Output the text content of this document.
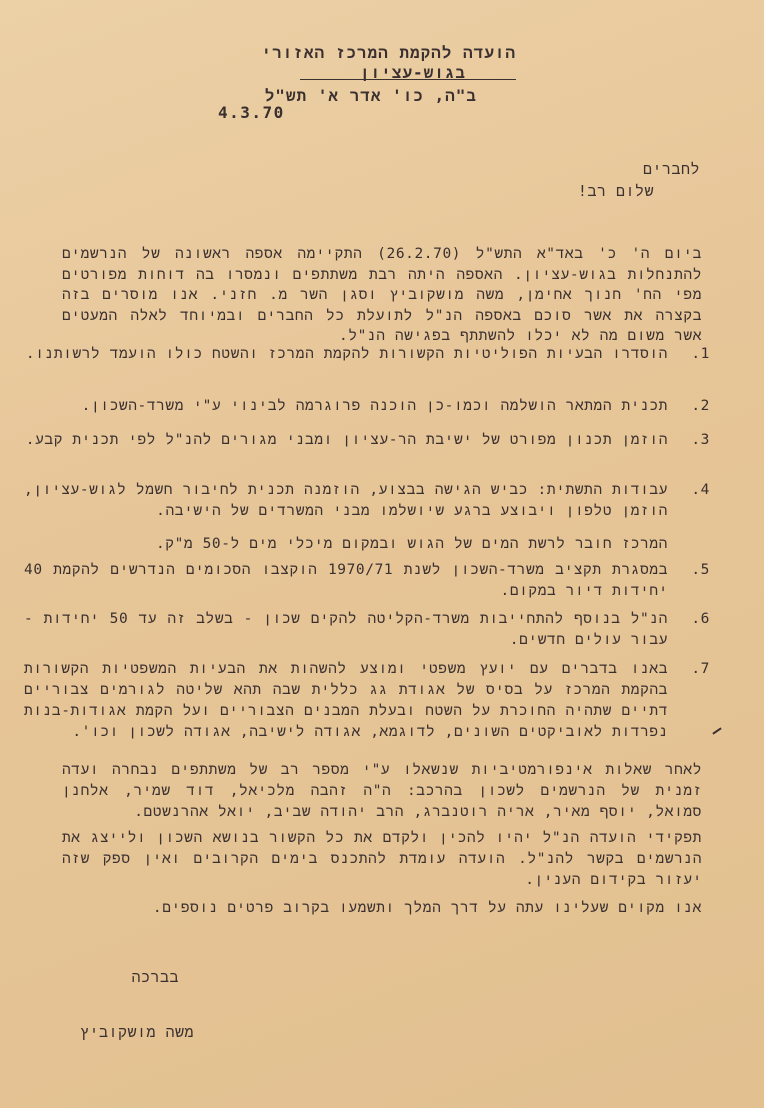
הועדה להקמת המרכז האזורי
בגוש-עציון
ב"ה, כו' אדר א' תש"ל
4.3.70
לחברים
שלום רב!
ביום ה' כ' באד"א התש"ל (26.2.70) התקיימה אספה ראשונה של הנרשמים להתנחלות בגוש-עציון. האספה היתה רבת משתתפים ונמסרו בה דוחות מפורטים מפי הח' חנוך אחימן, משה מושקוביץ וסגן השר מ. חזני. אנו מוסרים בזה בקצרה את אשר סוכם באספה הנ"ל לתועלת כל החברים ובמיוחד לאלה המעטים אשר משום מה לא יכלו להשתתף בפגישה הנ"ל.
1.
הוסדרו הבעיות הפוליטיות הקשורות להקמת המרכז והשטח כולו הועמד לרשותנו.
2.
תכנית המתאר הושלמה וכמו-כן הוכנה פרוגרמה לבינוי ע"י משרד-השכון.
3.
הוזמן תכנון מפורט של ישיבת הר-עציון ומבני מגורים להנ"ל לפי תכנית קבע.
4.
עבודות התשתית: כביש הגישה בבצוע, הוזמנה תכנית לחיבור חשמל לגוש-עציון, הוזמן טלפון ויבוצע ברגע שיושלמו מבני המשרדים של הישיבה.
המרכז חובר לרשת המים של הגוש ובמקום מיכלי מים ל-50 מ"ק.
5.
במסגרת תקציב משרד-השכון לשנת 1970/71 הוקצבו הסכומים הנדרשים להקמת 40 יחידות דיור במקום.
6.
הנ"ל בנוסף להתחייבות משרד-הקליטה להקים שכון - בשלב זה עד 50 יחידות - עבור עולים חדשים.
7.
באנו בדברים עם יועץ משפטי ומוצע להשהות את הבעיות המשפטיות הקשורות בהקמת המרכז על בסיס של אגודת גג כללית שבה תהא שליטה לגורמים צבוריים דתיים שתהיה החוכרת על השטח ובעלת המבנים הצבוריים ועל הקמת אגודות-בנות נפרדות לאוביקטים השונים, לדוגמא, אגודה לישיבה, אגודה לשכון וכו'.
לאחר שאלות אינפורמטיביות שנשאלו ע"י מספר רב של משתתפים נבחרה ועדה זמנית של הנרשמים לשכון בהרכב: ה"ה זהבה מלכיאל, דוד שמיר, אלחנן סמואל, יוסף מאיר, אריה רוטנברג, הרב יהודה שביב, יואל אהרנשטם.
תפקידי הועדה הנ"ל יהיו להכין ולקדם את כל הקשור בנושא השכון ולייצג את הנרשמים בקשר להנ"ל. הועדה עומדת להתכנס בימים הקרובים ואין ספק שזה יעזור בקידום הענין.
אנו מקוים שעלינו עתה על דרך המלך ותשמעו בקרוב פרטים נוספים.
בברכה
משה מושקוביץ
